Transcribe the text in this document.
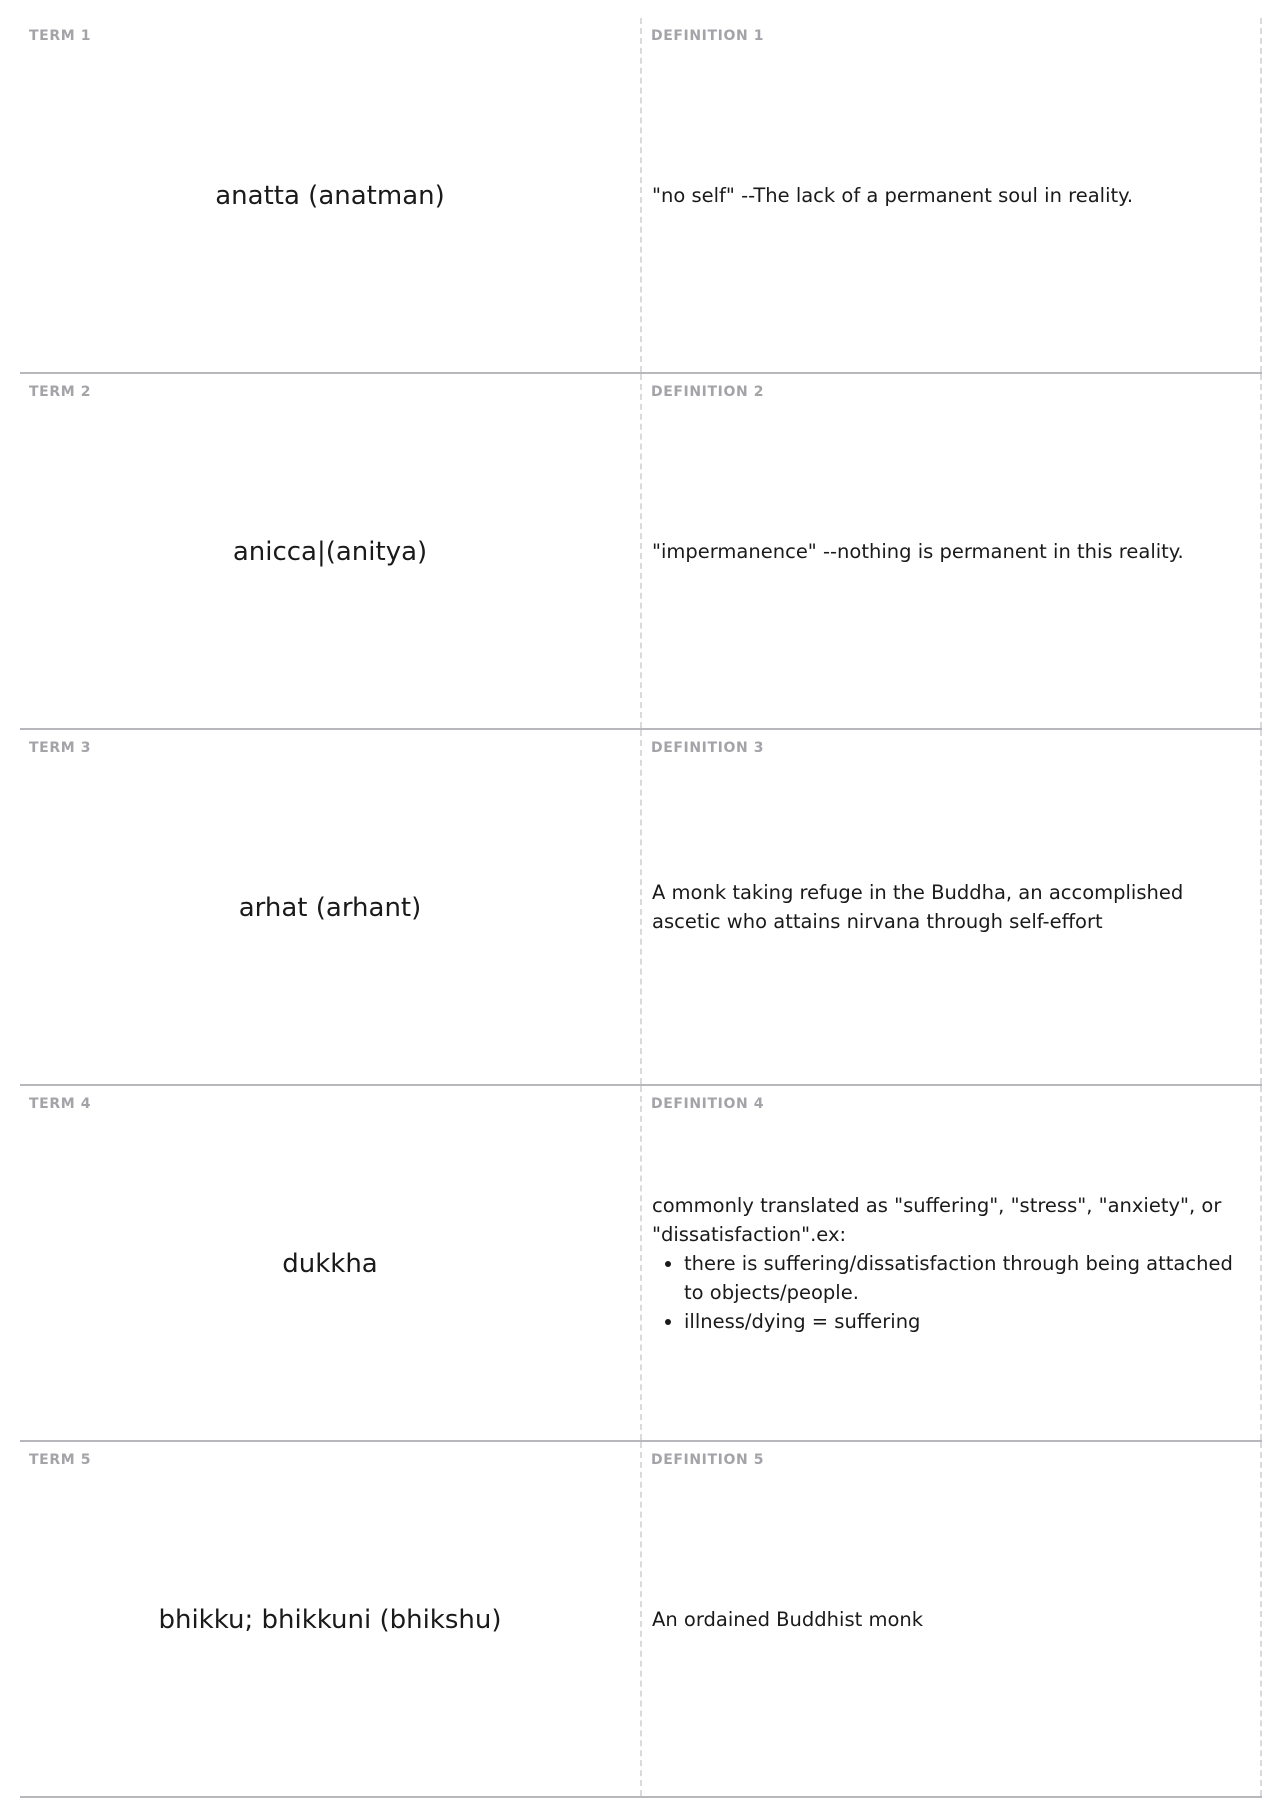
TERM 1
anatta (anatman)
DEFINITION 1
"no self" --The lack of a permanent soul in reality.
TERM 2
anicca|(anitya)
DEFINITION 2
"impermanence" --nothing is permanent in this reality.
TERM 3
arhat (arhant)
DEFINITION 3
A monk taking refuge in the Buddha, an accomplished ascetic who attains nirvana through self-effort
TERM 4
dukkha
DEFINITION 4
commonly translated as "suffering", "stress", "anxiety", or "dissatisfaction".ex:
• there is suffering/dissatisfaction through being attached to objects/people.
• illness/dying = suffering
TERM 5
bhikku; bhikkuni (bhikshu)
DEFINITION 5
An ordained Buddhist monk
